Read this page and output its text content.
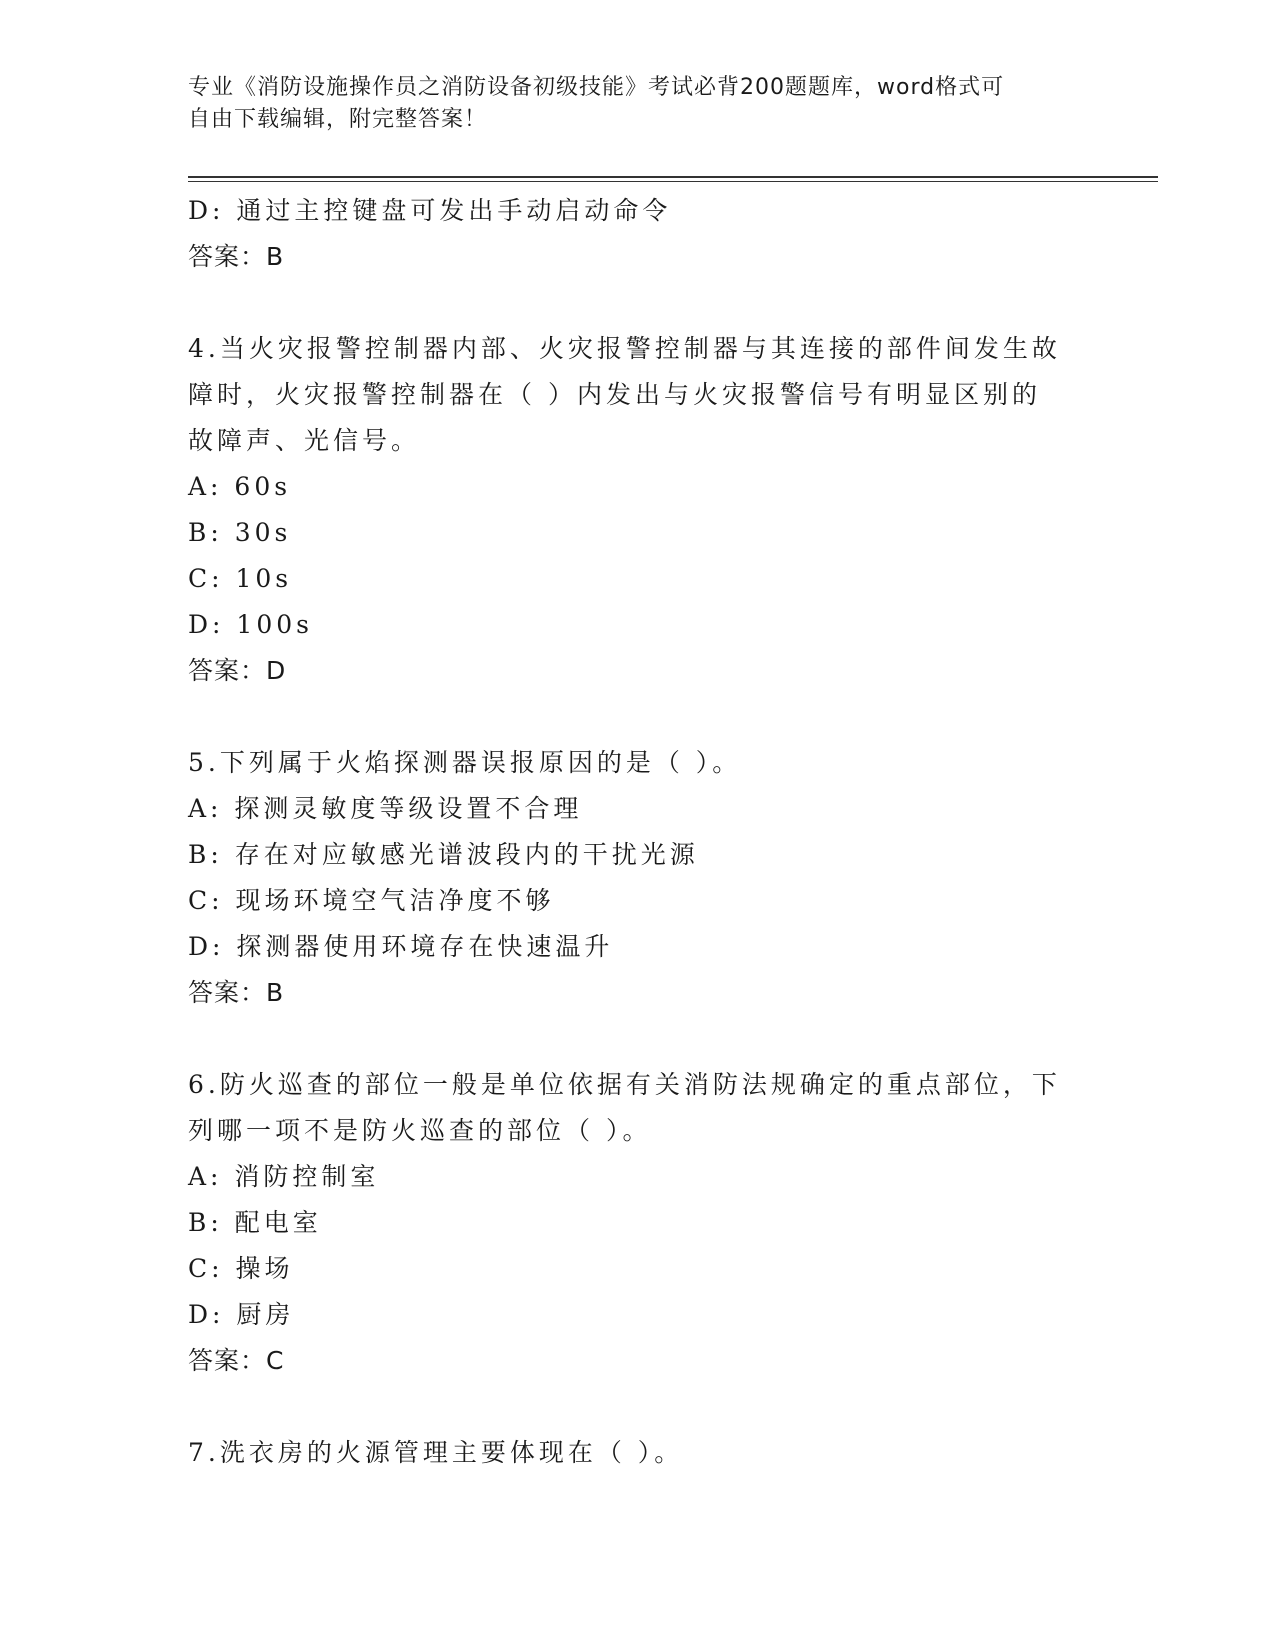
专业《消防设施操作员之消防设备初级技能》考试必背200题题库，word格式可
自由下载编辑，附完整答案！
D: 通过主控键盘可发出手动启动命令
答案：B
4.当火灾报警控制器内部、火灾报警控制器与其连接的部件间发生故
障时，火灾报警控制器在（ ）内发出与火灾报警信号有明显区别的
故障声、光信号。
A: 60s
B: 30s
C: 10s
D: 100s
答案：D
5.下列属于火焰探测器误报原因的是（ ）。
A: 探测灵敏度等级设置不合理
B: 存在对应敏感光谱波段内的干扰光源
C: 现场环境空气洁净度不够
D: 探测器使用环境存在快速温升
答案：B
6.防火巡查的部位一般是单位依据有关消防法规确定的重点部位，下
列哪一项不是防火巡查的部位（ ）。
A: 消防控制室
B: 配电室
C: 操场
D: 厨房
答案：C
7.洗衣房的火源管理主要体现在（ ）。
